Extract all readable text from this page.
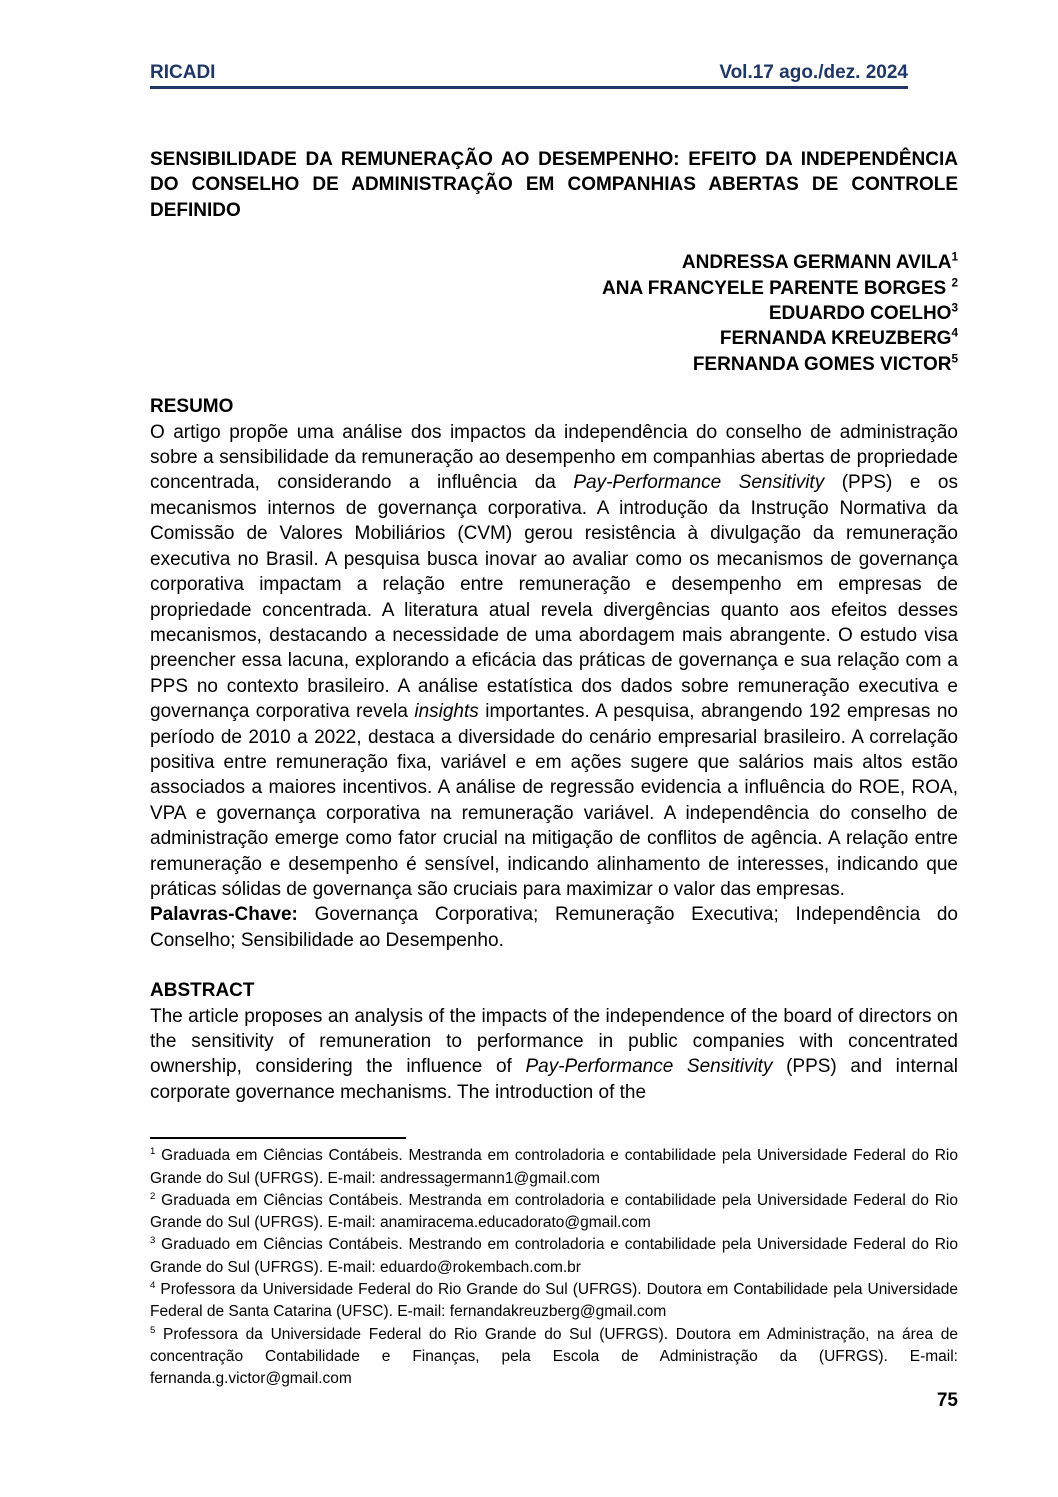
RICADI	Vol.17 ago./dez. 2024
SENSIBILIDADE DA REMUNERAÇÃO AO DESEMPENHO: EFEITO DA INDEPENDÊNCIA DO CONSELHO DE ADMINISTRAÇÃO EM COMPANHIAS ABERTAS DE CONTROLE DEFINIDO
ANDRESSA GERMANN AVILA$^1$
ANA FRANCYELE PARENTE BORGES $^2$
EDUARDO COELHO$^3$
FERNANDA KREUZBERG$^4$
FERNANDA GOMES VICTOR$^5$
RESUMO

O artigo propõe uma análise dos impactos da independência do conselho de administração sobre a sensibilidade da remuneração ao desempenho em companhias abertas de propriedade concentrada, considerando a influência da Pay-Performance Sensitivity (PPS) e os mecanismos internos de governança corporativa. A introdução da Instrução Normativa da Comissão de Valores Mobiliários (CVM) gerou resistência à divulgação da remuneração executiva no Brasil. A pesquisa busca inovar ao avaliar como os mecanismos de governança corporativa impactam a relação entre remuneração e desempenho em empresas de propriedade concentrada. A literatura atual revela divergências quanto aos efeitos desses mecanismos, destacando a necessidade de uma abordagem mais abrangente. O estudo visa preencher essa lacuna, explorando a eficácia das práticas de governança e sua relação com a PPS no contexto brasileiro. A análise estatística dos dados sobre remuneração executiva e governança corporativa revela insights importantes. A pesquisa, abrangendo 192 empresas no período de 2010 a 2022, destaca a diversidade do cenário empresarial brasileiro. A correlação positiva entre remuneração fixa, variável e em ações sugere que salários mais altos estão associados a maiores incentivos. A análise de regressão evidencia a influência do ROE, ROA, VPA e governança corporativa na remuneração variável. A independência do conselho de administração emerge como fator crucial na mitigação de conflitos de agência. A relação entre remuneração e desempenho é sensível, indicando alinhamento de interesses, indicando que práticas sólidas de governança são cruciais para maximizar o valor das empresas.

Palavras-Chave: Governança Corporativa; Remuneração Executiva; Independência do Conselho; Sensibilidade ao Desempenho.

ABSTRACT

The article proposes an analysis of the impacts of the independence of the board of directors on the sensitivity of remuneration to performance in public companies with concentrated ownership, considering the influence of Pay-Performance Sensitivity (PPS) and internal corporate governance mechanisms. The introduction of the

$^1$ Graduada em Ciências Contábeis. Mestranda em controladoria e contabilidade pela Universidade Federal do Rio Grande do Sul (UFRGS). E-mail: andressagermann1@gmail.com

$^2$ Graduada em Ciências Contábeis. Mestranda em controladoria e contabilidade pela Universidade Federal do Rio Grande do Sul (UFRGS). E-mail: anamiracema.educadorato@gmail.com

$^3$ Graduado em Ciências Contábeis. Mestrando em controladoria e contabilidade pela Universidade Federal do Rio Grande do Sul (UFRGS). E-mail: eduardo@rokembach.com.br

$^4$ Professora da Universidade Federal do Rio Grande do Sul (UFRGS). Doutora em Contabilidade pela Universidade Federal de Santa Catarina (UFSC). E-mail: fernandakreuzberg@gmail.com

$^5$ Professora da Universidade Federal do Rio Grande do Sul (UFRGS). Doutora em Administração, na área de concentração Contabilidade e Finanças, pela Escola de Administração da (UFRGS). E-mail: fernanda.g.victor@gmail.com

75
